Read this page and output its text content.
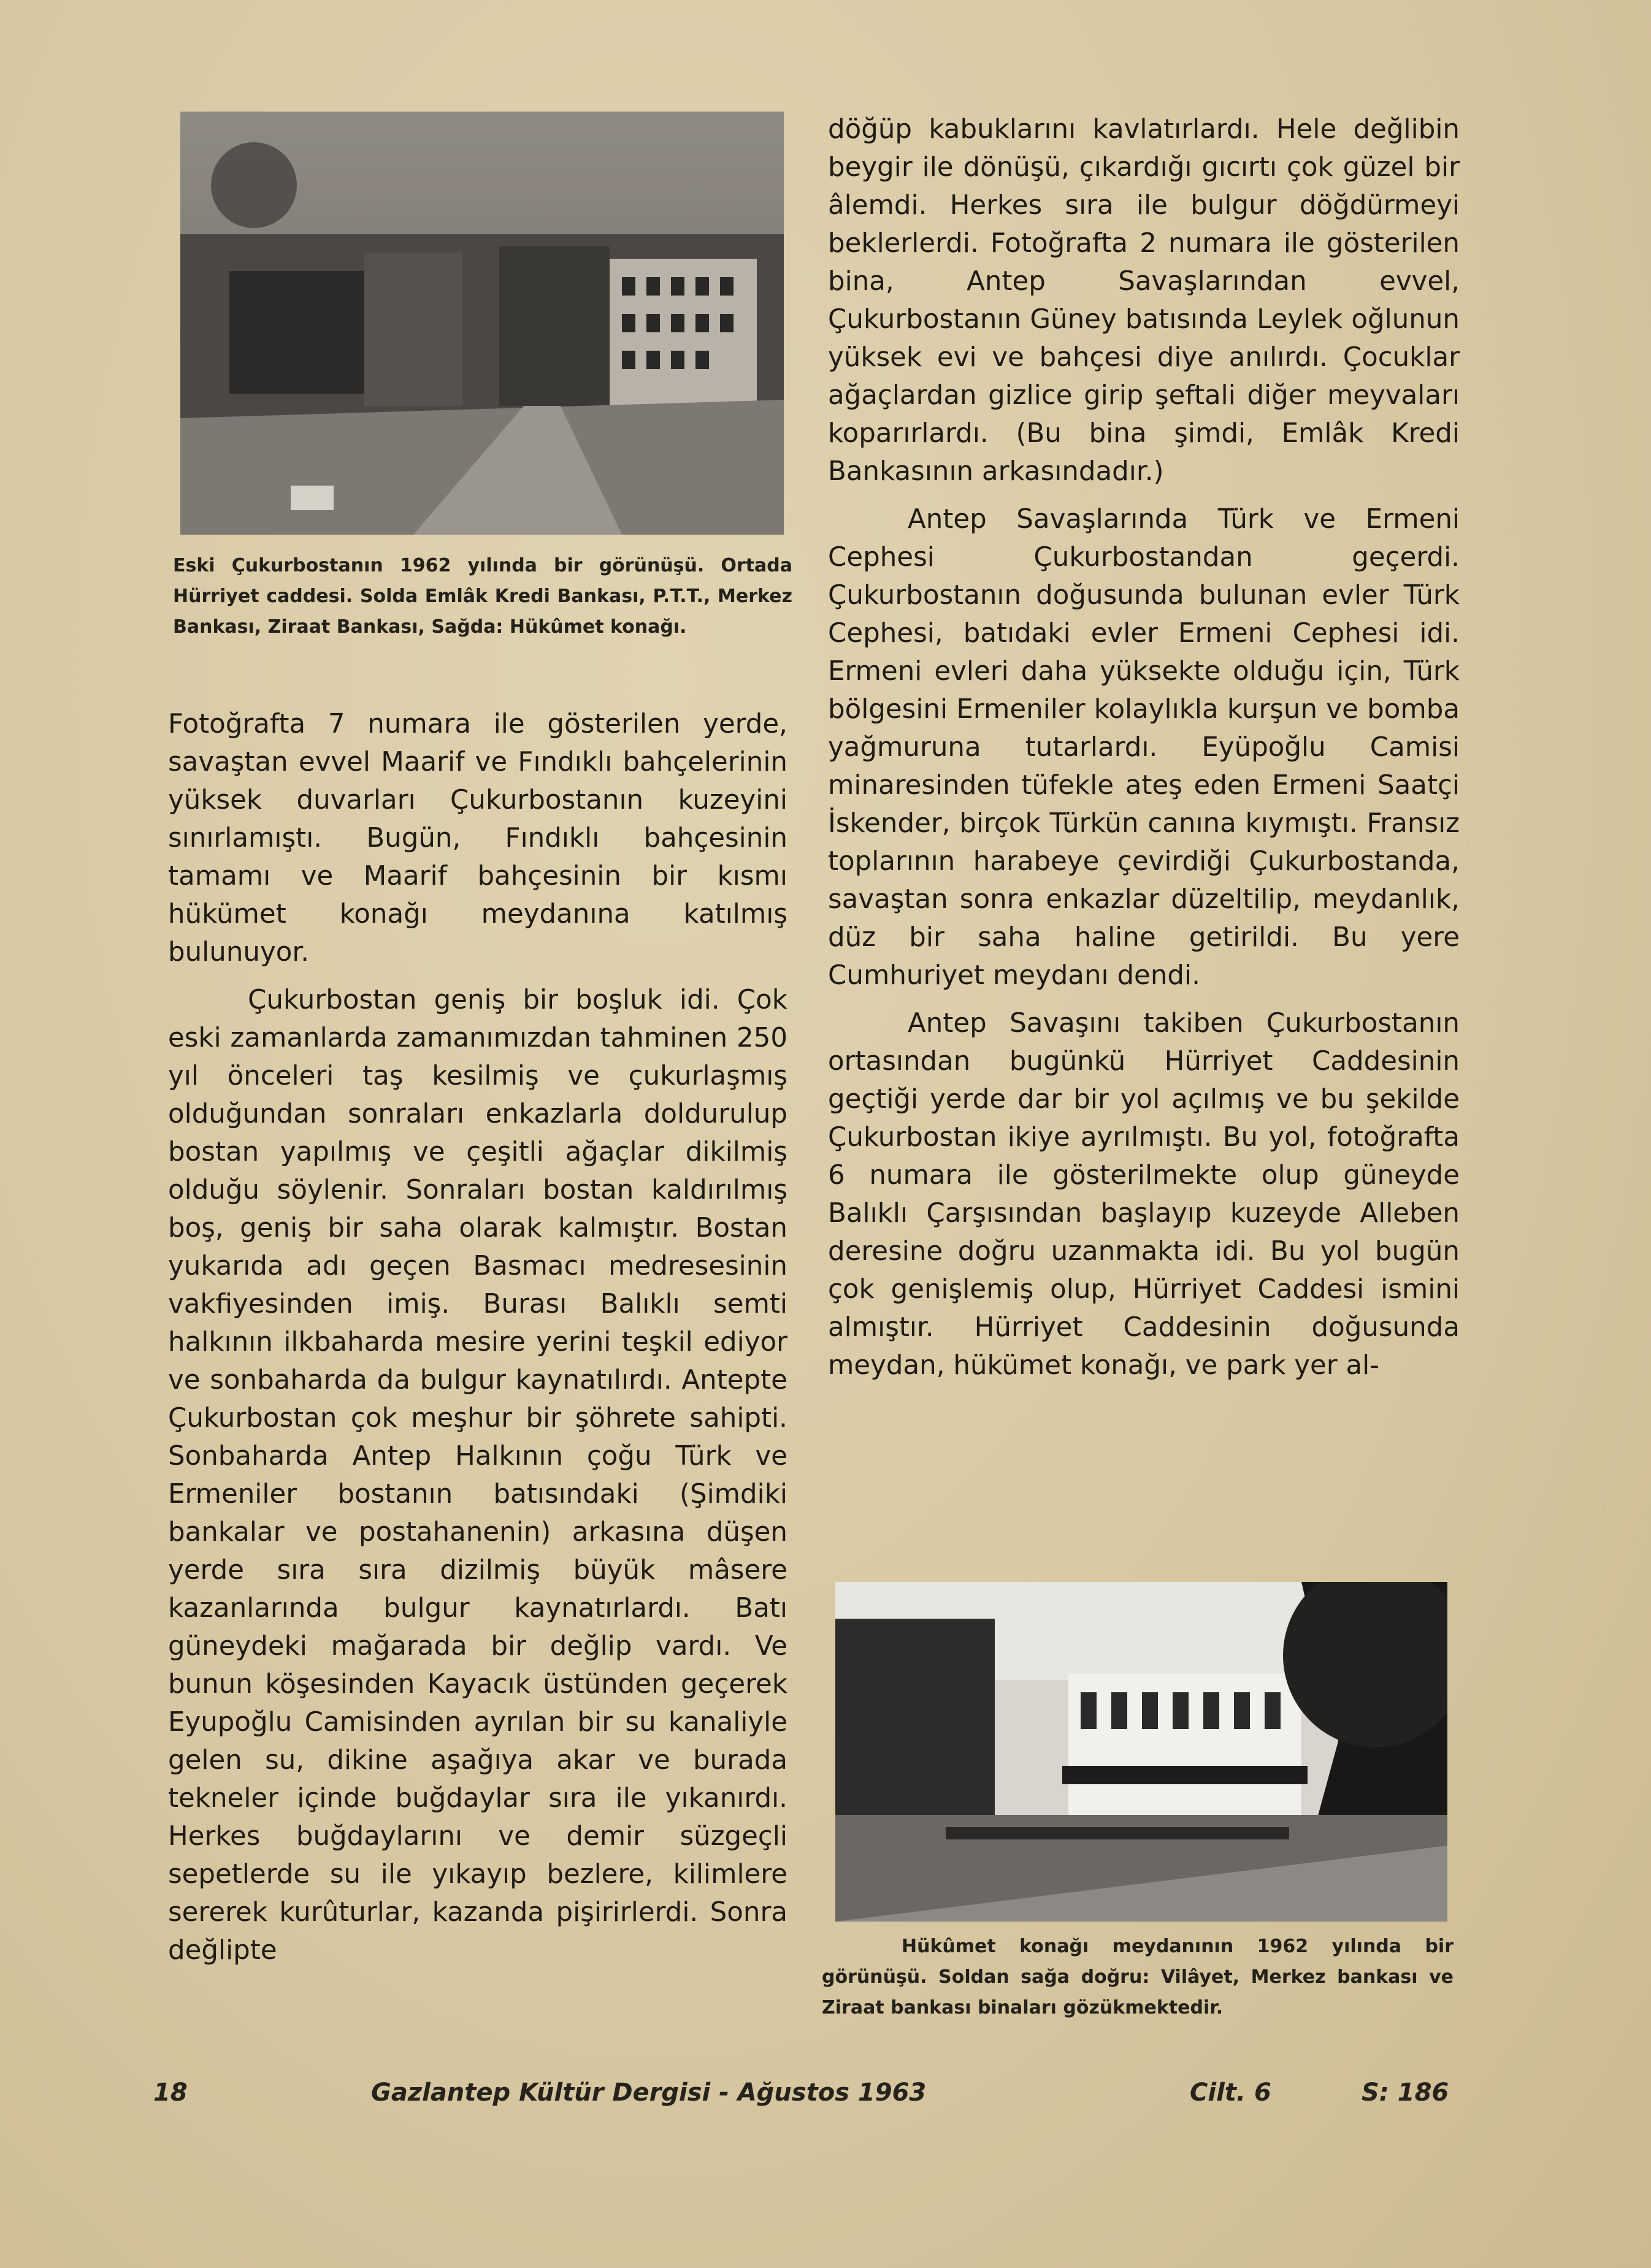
Eski Çukurbostanın 1962 yılında bir görünüşü. Ortada Hürriyet caddesi. Solda Emlâk Kredi Bankası, P.T.T., Merkez Bankası, Ziraat Bankası, Sağda: Hükûmet konağı.

Fotoğrafta 7 numara ile gösterilen yerde, savaştan evvel Maarif ve Fındıklı bahçelerinin yüksek duvarları Çukurbostanın kuzeyini sınırlamıştı. Bugün, Fındıklı bahçesinin tamamı ve Maarif bahçesinin bir kısmı hükümet konağı meydanına katılmış bulunuyor.

Çukurbostan geniş bir boşluk idi. Çok eski zamanlarda zamanımızdan tahminen 250 yıl önceleri taş kesilmiş ve çukurlaşmış olduğundan sonraları enkazlarla doldurulup bostan yapılmış ve çeşitli ağaçlar dikilmiş olduğu söylenir. Sonraları bostan kaldırılmış boş, geniş bir saha olarak kalmıştır. Bostan yukarıda adı geçen Basmacı medresesinin vakfiyesinden imiş. Burası Balıklı semti halkının ilkbaharda mesire yerini teşkil ediyor ve sonbaharda da bulgur kaynatılırdı. Antepte Çukurbostan çok meşhur bir şöhrete sahipti. Sonbaharda Antep Halkının çoğu Türk ve Ermeniler bostanın batısındaki (Şimdiki bankalar ve postahanenin) arkasına düşen yerde sıra sıra dizilmiş büyük mâsere kazanlarında bulgur kaynatırlardı. Batı güneydeki mağarada bir değlip vardı. Ve bunun köşesinden Kayacık üstünden geçerek Eyupoğlu Camisinden ayrılan bir su kanaliyle gelen su, dikine aşağıya akar ve burada tekneler içinde buğdaylar sıra ile yıkanırdı. Herkes buğdaylarını ve demir süzgeçli sepetlerde su ile yıkayıp bezlere, kilimlere sererek kurûturlar, kazanda pişirirlerdi. Sonra değlipte

döğüp kabuklarını kavlatırlardı. Hele değlibin beygir ile dönüşü, çıkardığı gıcırtı çok güzel bir âlemdi. Herkes sıra ile bulgur döğdürmeyi beklerlerdi. Fotoğrafta 2 numara ile gösterilen bina, Antep Savaşlarından evvel, Çukurbostanın Güney batısında Leylek oğlunun yüksek evi ve bahçesi diye anılırdı. Çocuklar ağaçlardan gizlice girip şeftali diğer meyvaları koparırlardı. (Bu bina şimdi, Emlâk Kredi Bankasının arkasındadır.)

Antep Savaşlarında Türk ve Ermeni Cephesi Çukurbostandan geçerdi. Çukurbostanın doğusunda bulunan evler Türk Cephesi, batıdaki evler Ermeni Cephesi idi. Ermeni evleri daha yüksekte olduğu için, Türk bölgesini Ermeniler kolaylıkla kurşun ve bomba yağmuruna tutarlardı. Eyüpoğlu Camisi minaresinden tüfekle ateş eden Ermeni Saatçi İskender, birçok Türkün canına kıymıştı. Fransız toplarının harabeye çevirdiği Çukurbostanda, savaştan sonra enkazlar düzeltilip, meydanlık, düz bir saha haline getirildi. Bu yere Cumhuriyet meydanı dendi.

Antep Savaşını takiben Çukurbostanın ortasından bugünkü Hürriyet Caddesinin geçtiği yerde dar bir yol açılmış ve bu şekilde Çukurbostan ikiye ayrılmıştı. Bu yol, fotoğrafta 6 numara ile gösterilmekte olup güneyde Balıklı Çarşısından başlayıp kuzeyde Alleben deresine doğru uzanmakta idi. Bu yol bugün çok genişlemiş olup, Hürriyet Caddesi ismini almıştır. Hürriyet Caddesinin doğusunda meydan, hükümet konağı, ve park yer al-

Hükûmet konağı meydanının 1962 yılında bir görünüşü. Soldan sağa doğru: Vilâyet, Merkez bankası ve Ziraat bankası binaları gözükmektedir.
18	Gazlantep Kültür Dergisi - Ağustos 1963	Cilt. 6	S: 186
